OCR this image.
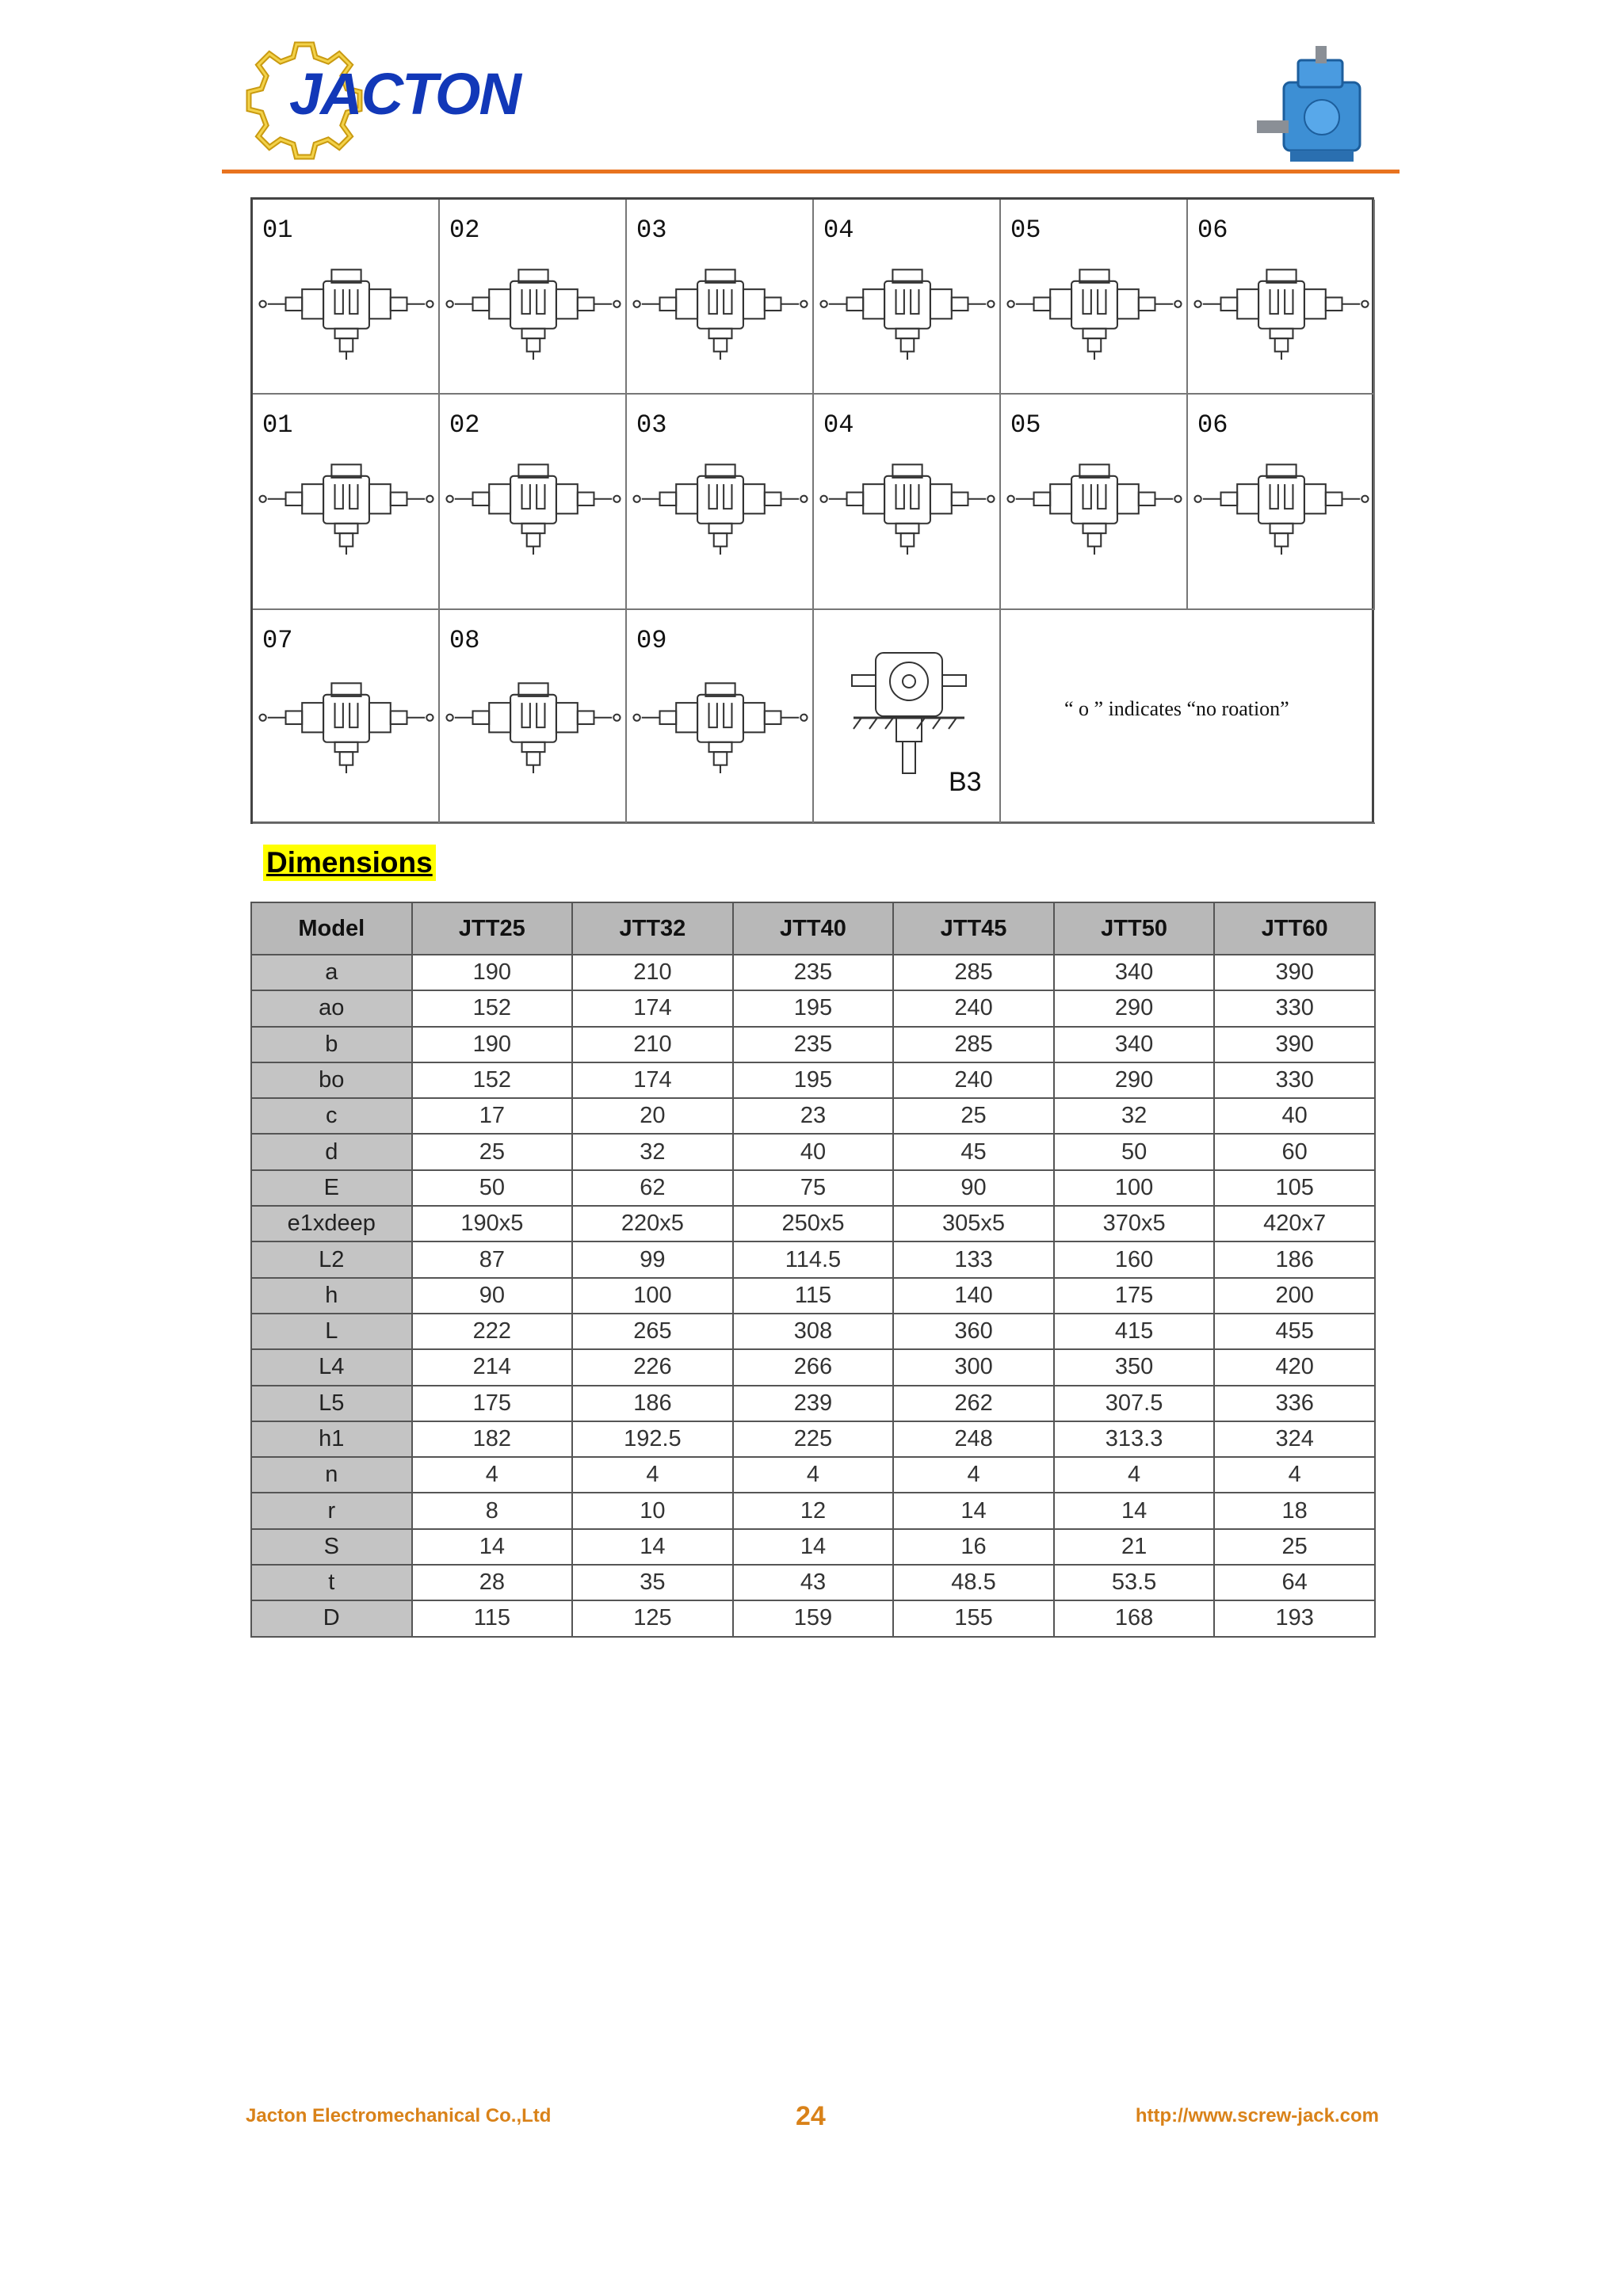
JACTON
01	02	03	04	05	06
01	02	03	04	05	06
07	08	09
B3
“ o ” indicates “no roation”
Dimensions
Model	JTT25	JTT32	JTT40	JTT45	JTT50	JTT60
a	190	210	235	285	340	390
ao	152	174	195	240	290	330
b	190	210	235	285	340	390
bo	152	174	195	240	290	330
c	17	20	23	25	32	40
d	25	32	40	45	50	60
E	50	62	75	90	100	105
e1xdeep	190x5	220x5	250x5	305x5	370x5	420x7
L2	87	99	114.5	133	160	186
h	90	100	115	140	175	200
L	222	265	308	360	415	455
L4	214	226	266	300	350	420
L5	175	186	239	262	307.5	336
h1	182	192.5	225	248	313.3	324
n	4	4	4	4	4	4
r	8	10	12	14	14	18
S	14	14	14	16	21	25
t	28	35	43	48.5	53.5	64
D	115	125	159	155	168	193
Jacton Electromechanical Co.,Ltd	24	http://www.screw-jack.com
